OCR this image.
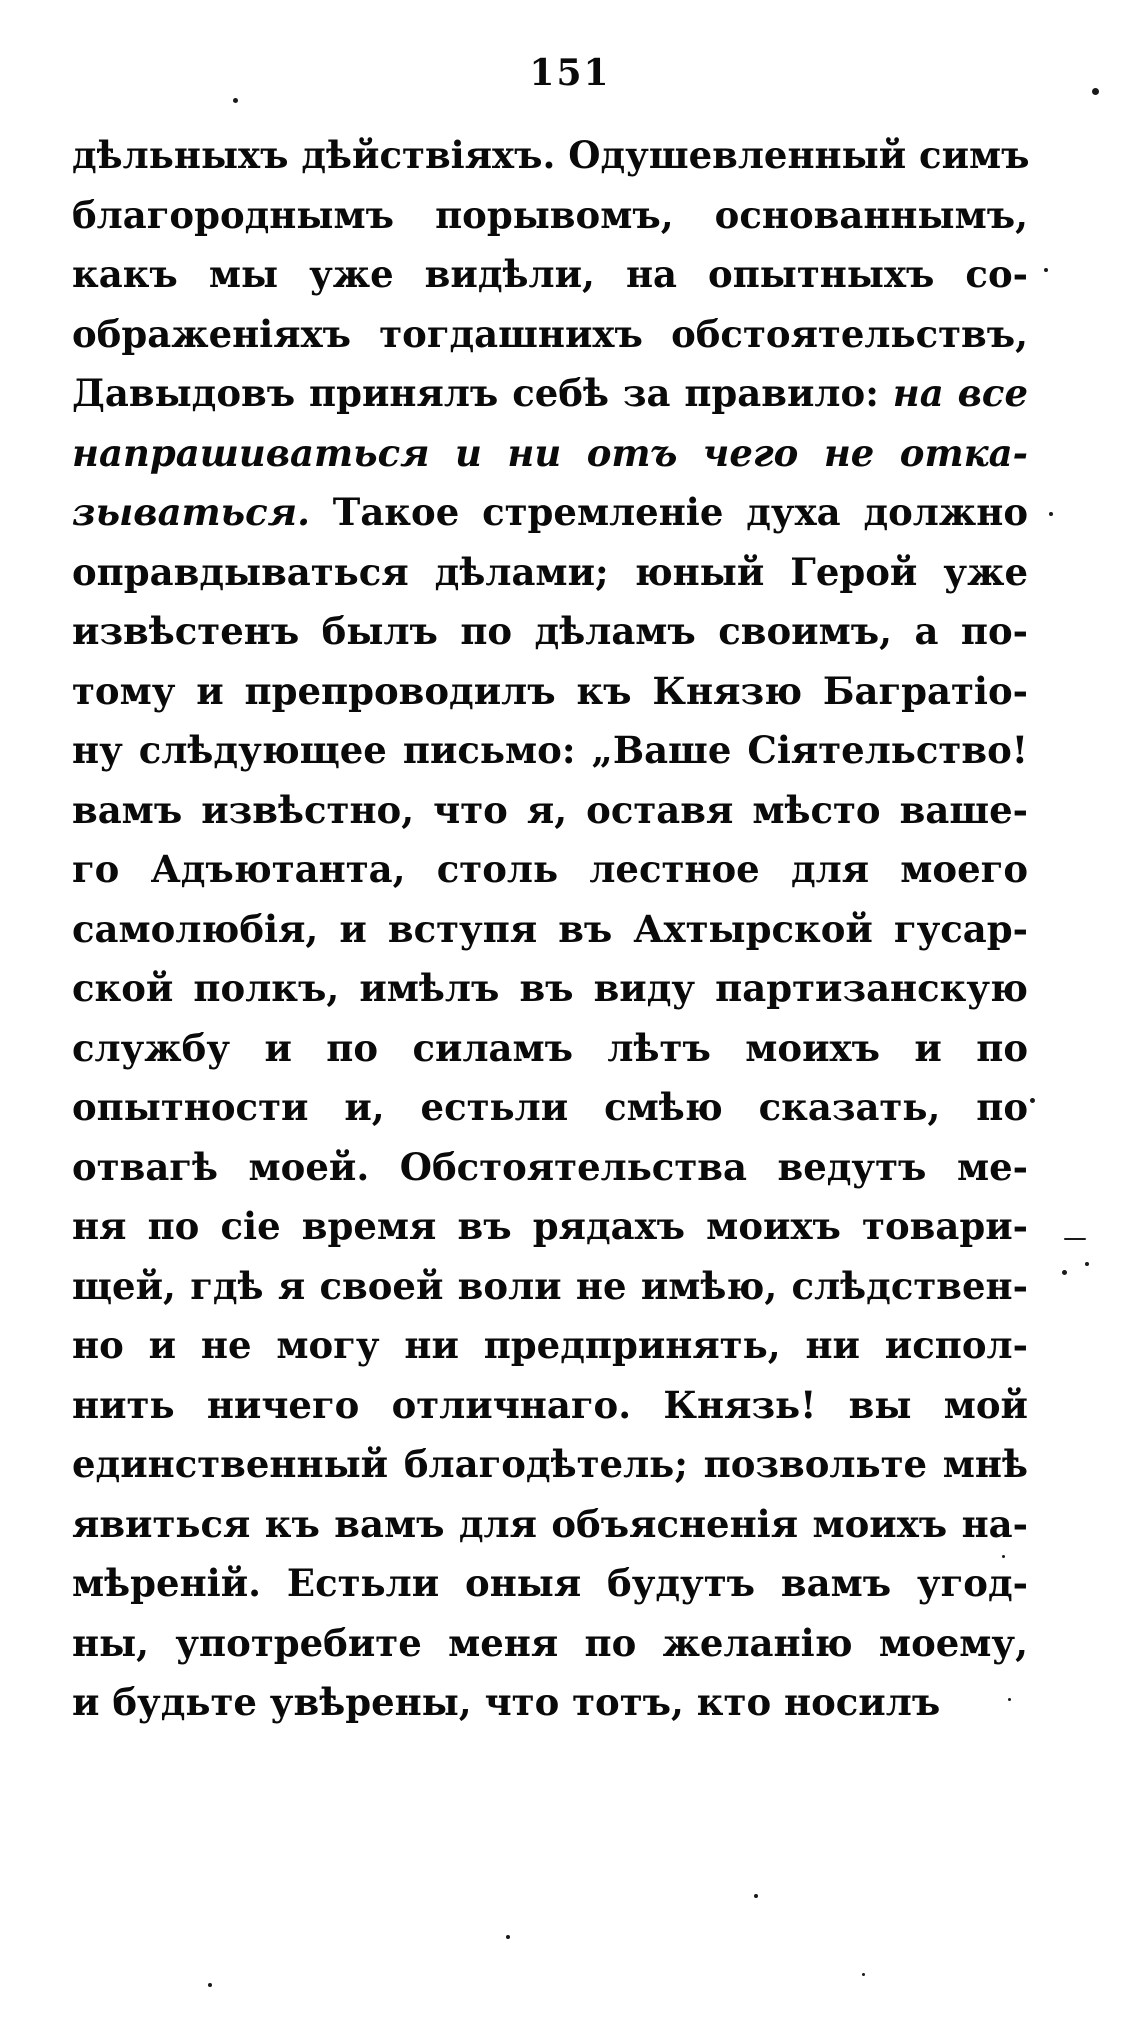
151
дѣльныхъ дѣйствіяхъ. Одушевленный симъ
благороднымъ порывомъ, основаннымъ,
какъ мы уже видѣли, на опытныхъ со-
ображеніяхъ тогдашнихъ обстоятельствъ,
Давыдовъ принялъ себѣ за правило: на все
напрашиваться и ни отъ чего не отка-
зываться. Такое стремленіе духа должно
оправдываться дѣлами; юный Герой уже
извѣстенъ былъ по дѣламъ своимъ, а по-
тому и препроводилъ къ Князю Багратіо-
ну слѣдующее письмо: „Ваше Сіятельство!
вамъ извѣстно, что я, оставя мѣсто ваше-
го Адъютанта, столь лестное для моего
самолюбія, и вступя въ Ахтырской гусар-
ской полкъ, имѣлъ въ виду партизанскую
службу и по силамъ лѣтъ моихъ и по
опытности и, естьли смѣю сказать, по
отвагѣ моей. Обстоятельства ведутъ ме-
ня по сіе время въ рядахъ моихъ товари-
щей, гдѣ я своей воли не имѣю, слѣдствен-
но и не могу ни предпринять, ни испол-
нить ничего отличнаго. Князь! вы мой
единственный благодѣтель; позвольте мнѣ
явиться къ вамъ для объясненія моихъ на-
мѣреній. Естьли оныя будутъ вамъ угод-
ны, употребите меня по желанію моему,
и будьте увѣрены, что тотъ, кто носилъ
